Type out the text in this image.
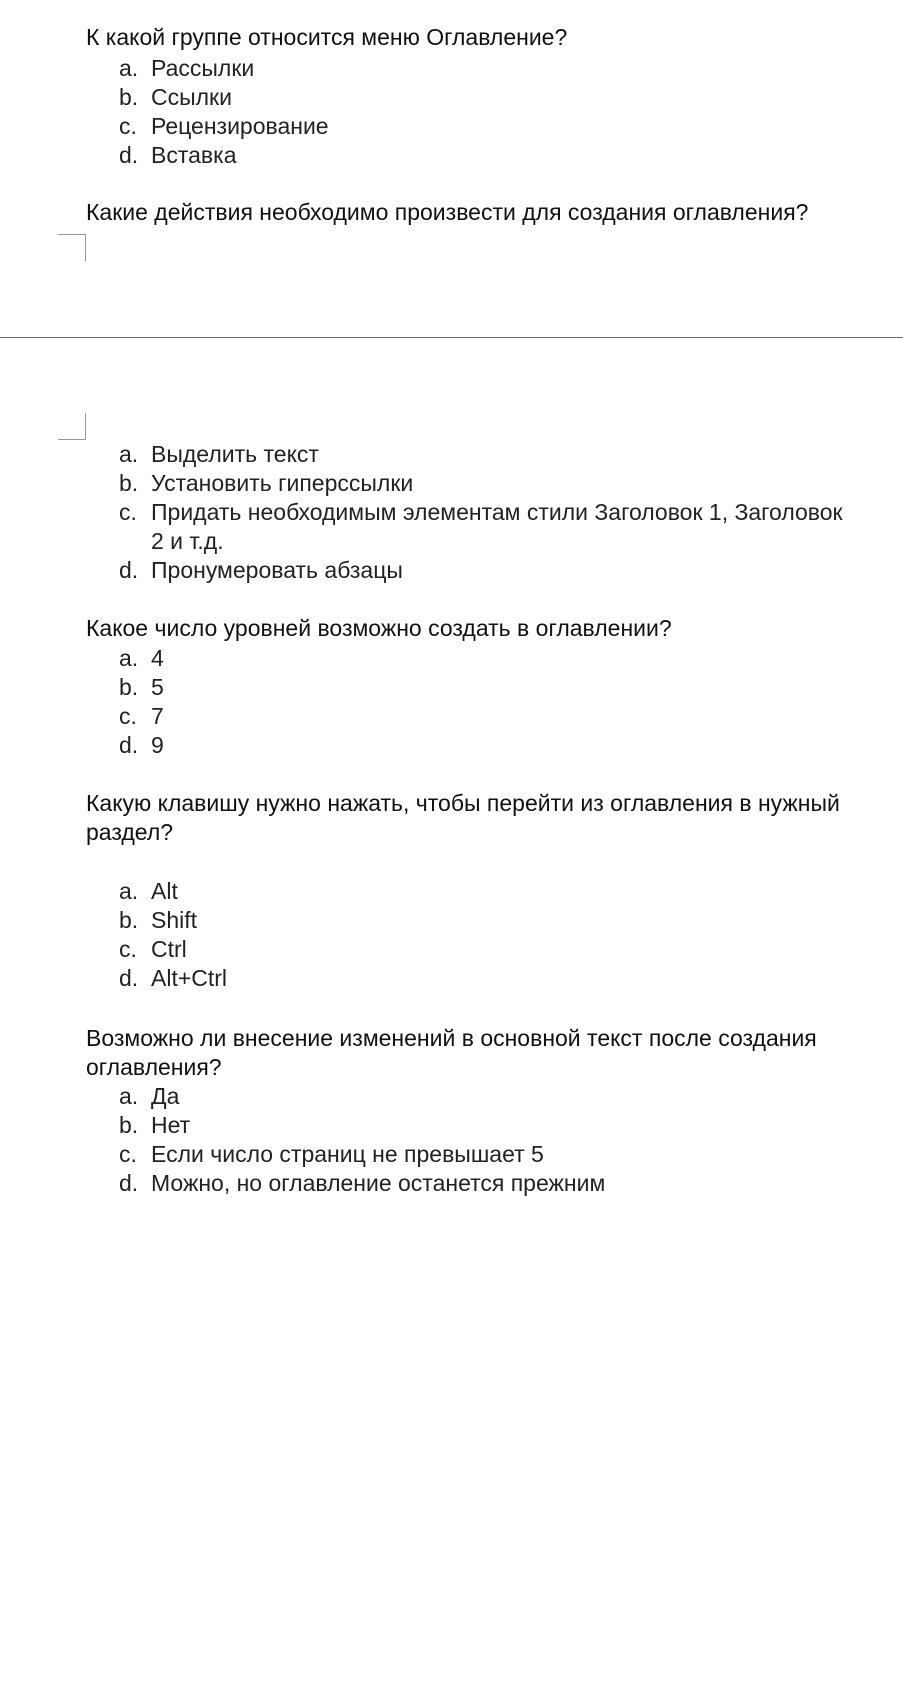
К какой группе относится меню Оглавление?

a. Рассылки
b. Ссылки
c. Рецензирование
d. Вставка

Какие действия необходимо произвести для создания оглавления?

a. Выделить текст
b. Установить гиперссылки
c. Придать необходимым элементам стили Заголовок 1, Заголовок 2 и т.д.
d. Пронумеровать абзацы

Какое число уровней возможно создать в оглавлении?

a. 4
b. 5
c. 7
d. 9

Какую клавишу нужно нажать, чтобы перейти из оглавления в нужный раздел?

a. Alt
b. Shift
c. Ctrl
d. Alt+Ctrl

Возможно ли внесение изменений в основной текст после создания оглавления?

a. Да
b. Нет
c. Если число страниц не превышает 5
d. Можно, но оглавление останется прежним
